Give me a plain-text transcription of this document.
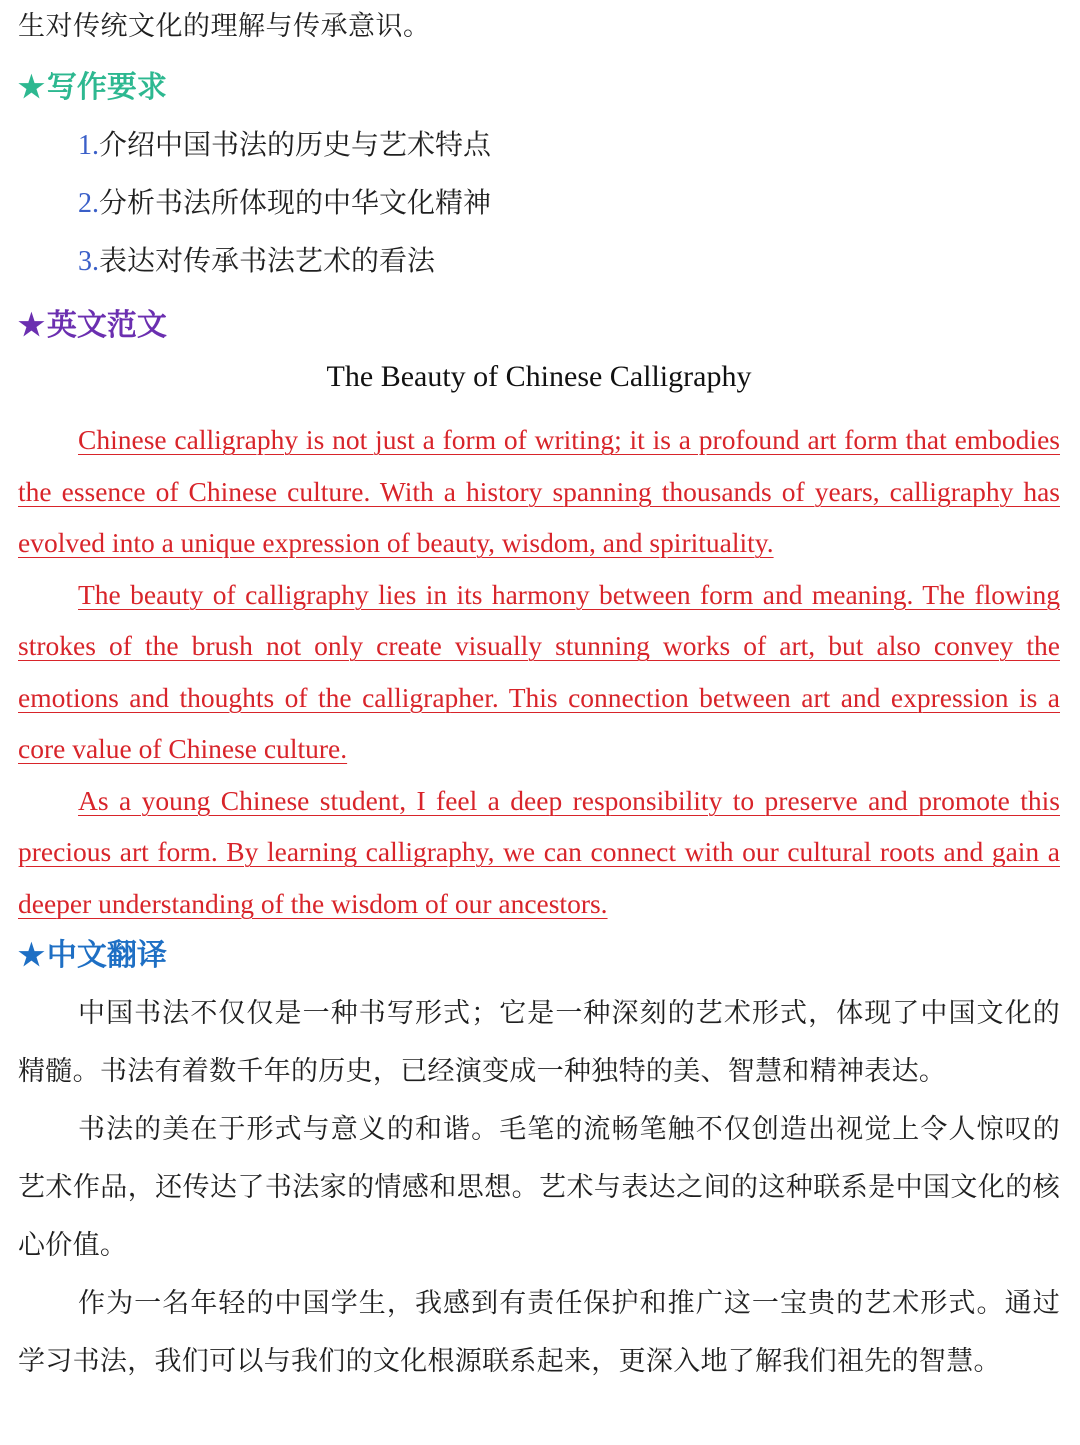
生对传统文化的理解与传承意识。
★写作要求
1.介绍中国书法的历史与艺术特点
2.分析书法所体现的中华文化精神
3.表达对传承书法艺术的看法
★英文范文
The Beauty of Chinese Calligraphy

Chinese calligraphy is not just a form of writing; it is a profound art form that embodies the essence of Chinese culture. With a history spanning thousands of years, calligraphy has evolved into a unique expression of beauty, wisdom, and spirituality.

The beauty of calligraphy lies in its harmony between form and meaning. The flowing strokes of the brush not only create visually stunning works of art, but also convey the emotions and thoughts of the calligrapher. This connection between art and expression is a core value of Chinese culture.

As a young Chinese student, I feel a deep responsibility to preserve and promote this precious art form. By learning calligraphy, we can connect with our cultural roots and gain a deeper understanding of the wisdom of our ancestors.

★中文翻译

中国书法不仅仅是一种书写形式；它是一种深刻的艺术形式，体现了中国文化的精髓。书法有着数千年的历史，已经演变成一种独特的美、智慧和精神表达。

书法的美在于形式与意义的和谐。毛笔的流畅笔触不仅创造出视觉上令人惊叹的艺术作品，还传达了书法家的情感和思想。艺术与表达之间的这种联系是中国文化的核心价值。

作为一名年轻的中国学生，我感到有责任保护和推广这一宝贵的艺术形式。通过学习书法，我们可以与我们的文化根源联系起来，更深入地了解我们祖先的智慧。
